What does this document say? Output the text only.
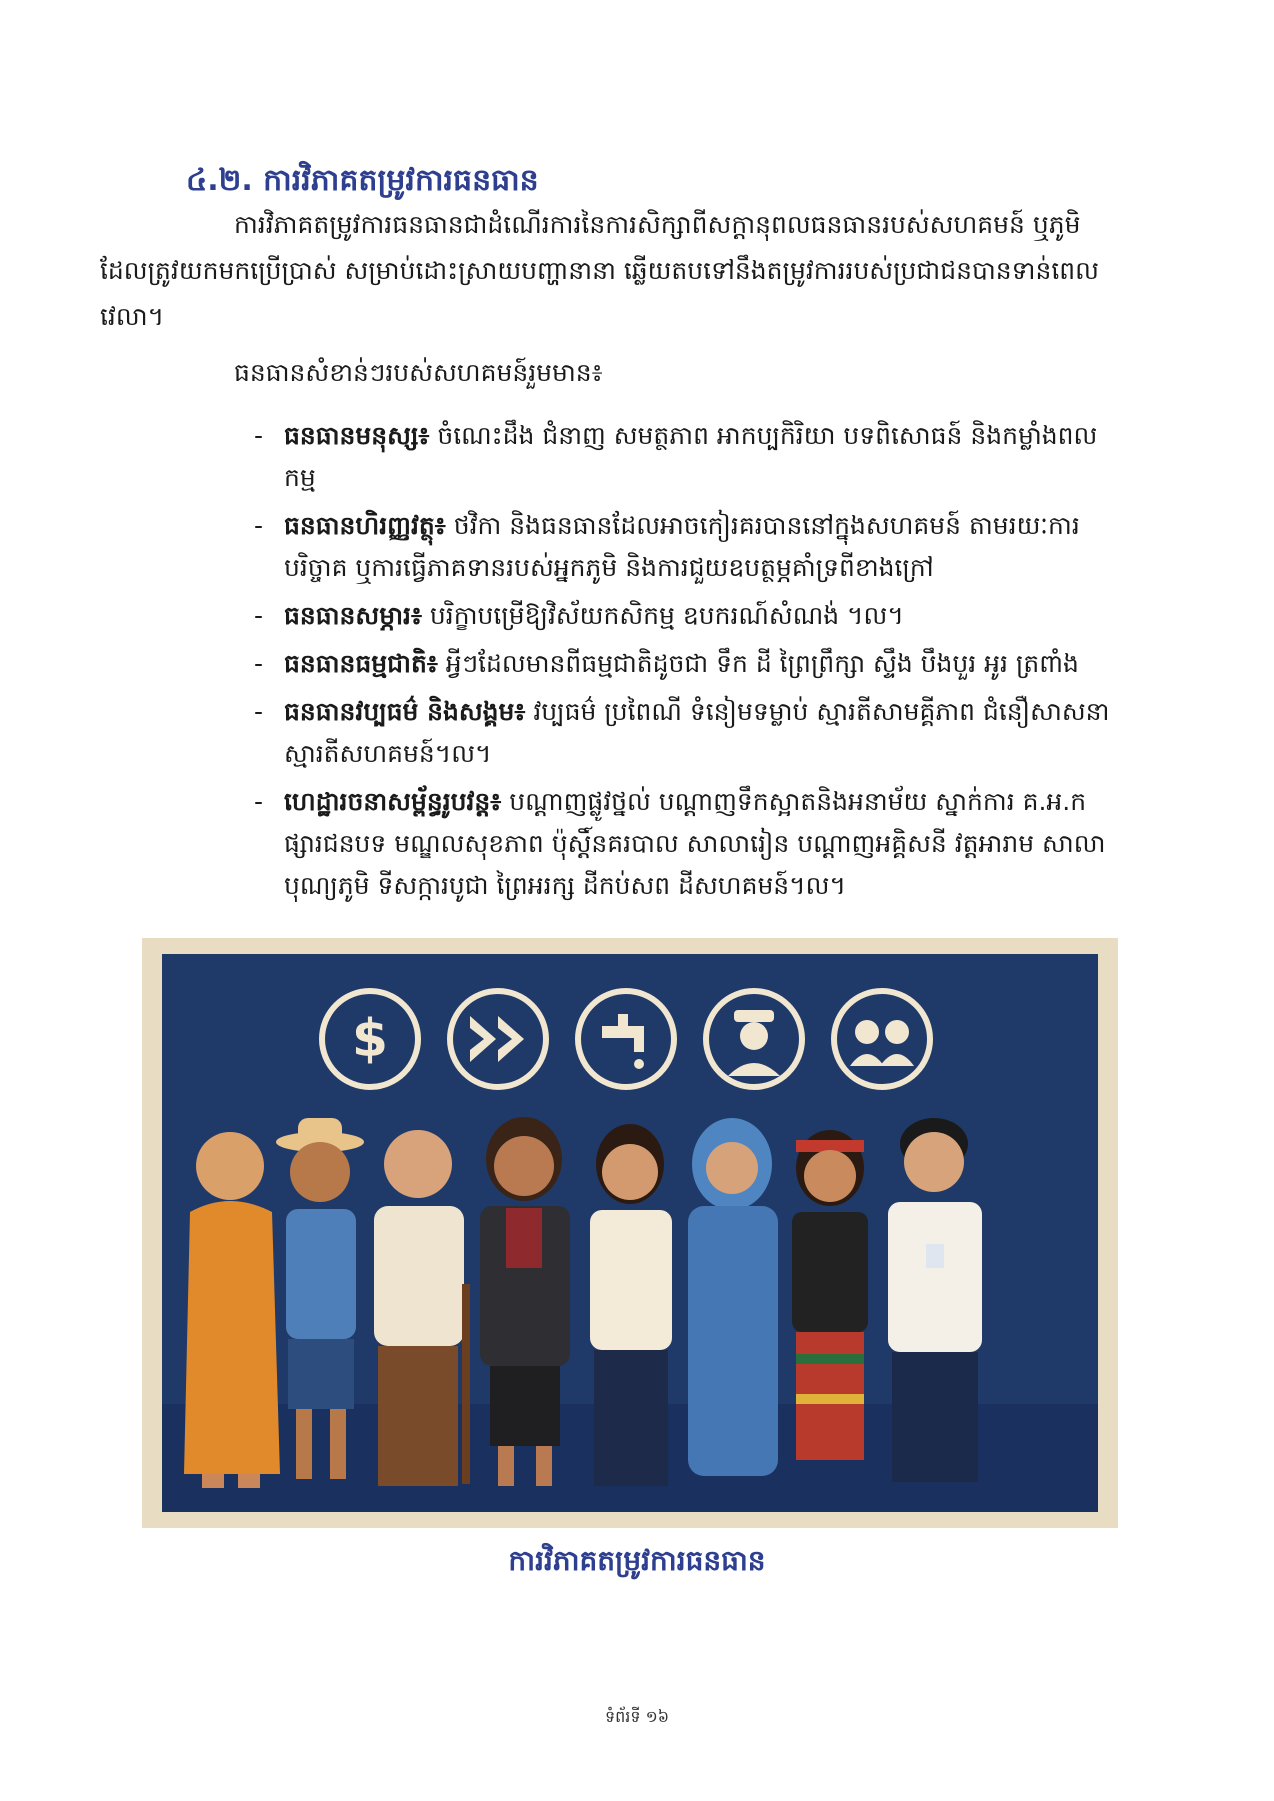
៤.២. ការវិភាគតម្រូវការធនធាន
ការវិភាគតម្រូវការធនធានជាដំណើរការនៃការសិក្សាពីសក្តានុពលធនធានរបស់សហគមន៍ ឬភូមិ ដែលត្រូវយកមកប្រើប្រាស់ សម្រាប់ដោះស្រាយបញ្ហានានា ឆ្លើយតបទៅនឹងតម្រូវការរបស់ប្រជាជនបានទាន់ពេលវេលា។
ធនធានសំខាន់ៗរបស់សហគមន៍រួមមាន៖
- ធនធានមនុស្ស៖ ចំណេះដឹង ជំនាញ សមត្ថភាព អាកប្បកិរិយា បទពិសោធន៍ និងកម្លាំងពលកម្ម
- ធនធានហិរញ្ញវត្ថុ៖ ថវិកា និងធនធានដែលអាចកៀរគរបាននៅក្នុងសហគមន៍ តាមរយៈការបរិច្ចាគ ឬការធ្វើភាគទានរបស់អ្នកភូមិ និងការជួយឧបត្ថម្ភគាំទ្រពីខាងក្រៅ
- ធនធានសម្ភារ៖ បរិក្ខាបម្រើឱ្យវិស័យកសិកម្ម ឧបករណ៍សំណង់ ។ល។
- ធនធានធម្មជាតិ៖ អ្វីៗដែលមានពីធម្មជាតិដូចជា ទឹក ដី ព្រៃព្រឹក្សា ស្ទឹង បឹងបួរ អូរ ត្រពាំង
- ធនធានវប្បធម៌ និងសង្គម៖ វប្បធម៌ ប្រពៃណី ទំនៀមទម្លាប់ ស្មារតីសាមគ្គីភាព ជំនឿសាសនា ស្មារតីសហគមន៍។ល។
- ហេដ្ឋារចនាសម្ព័ន្ធរូបវន្ត៖ បណ្តាញផ្លូវថ្នល់ បណ្តាញទឹកស្អាតនិងអនាម័យ ស្នាក់ការ គ.អ.ក ផ្សារជនបទ មណ្ឌលសុខភាព ប៉ុស្តិ៍នគរបាល សាលារៀន បណ្តាញអគ្គិសនី វត្តអារាម សាលាបុណ្យភូមិ ទីសក្ការបូជា ព្រៃអរក្ស ដីកប់សព ដីសហគមន៍។ល។
$
ការវិភាគតម្រូវការធនធាន
ទំព័រទី ១៦
